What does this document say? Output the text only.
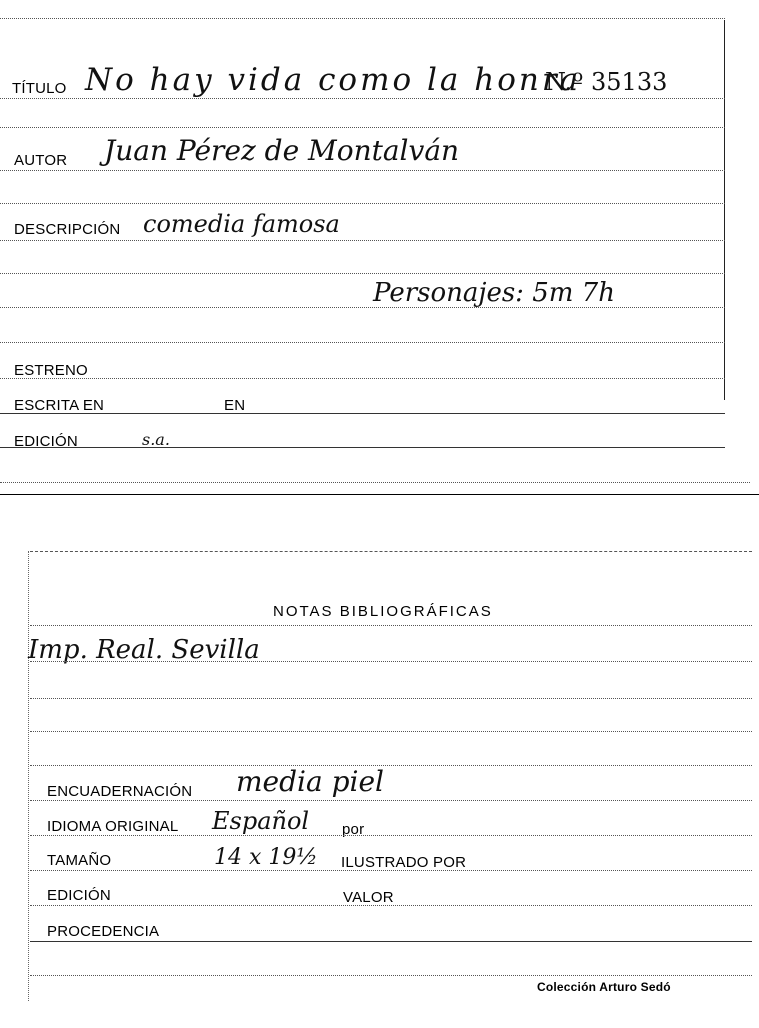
TÍTULO No hay vida como la honra
N.º 35133
AUTOR Juan Pérez de Montalván
DESCRIPCIÓN comedia famosa
Personajes: 5m 7h
ESTRENO
ESCRITA EN	EN
EDICIÓN	s.a.
NOTAS BIBLIOGRÁFICAS
Imp. Real. Sevilla
ENCUADERNACIÓN media piel
IDIOMA ORIGINAL Español por
TAMAÑO	14 x 19½ ILUSTRADO POR
EDICIÓN	VALOR
PROCEDENCIA
Colección Arturo Sedó
